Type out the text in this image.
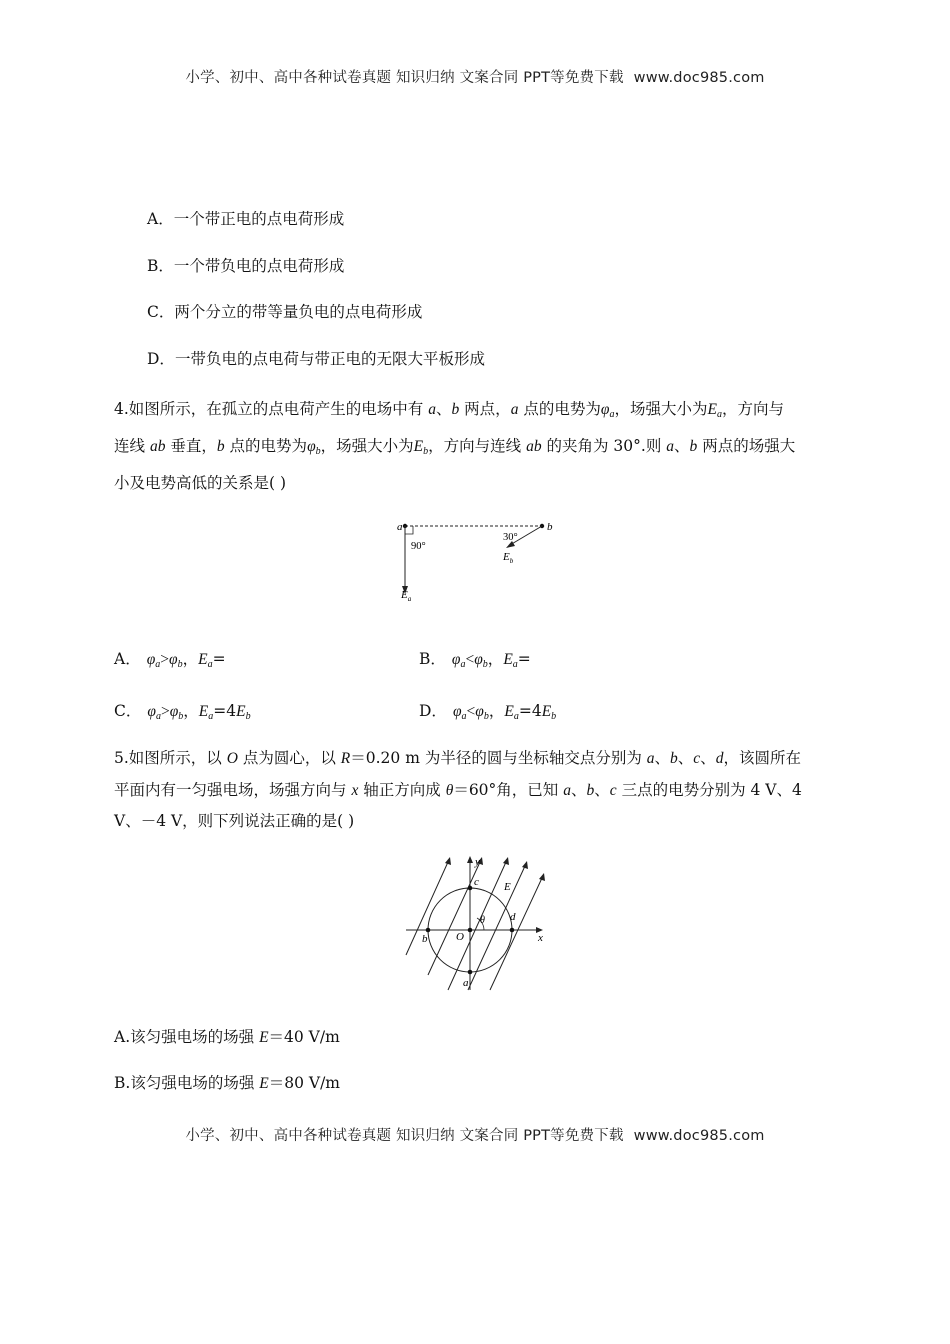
小学、初中、高中各种试卷真题 知识归纳 文案合同 PPT等免费下载 www.doc985.com
A．一个带正电的点电荷形成
B．一个带负电的点电荷形成
C．两个分立的带等量负电的点电荷形成
D．一带负电的点电荷与带正电的无限大平板形成
4.如图所示，在孤立的点电荷产生的电场中有 a、b 两点，a 点的电势为$\varphi_a$，场强大小为$E_a$，方向与
连线 ab 垂直，b 点的电势为$\varphi_b$，场强大小为$E_b$，方向与连线 ab 的夹角为 30°.则 a、b 两点的场强大
小及电势高低的关系是( )
a	b
90°
30°
$E_b$
$E_a$
A． $\varphi_a>\varphi_b$，$E_a=$	B． $\varphi_a<\varphi_b$，$E_a=$
C． $\varphi_a>\varphi_b$，$E_a=4E_b$	D． $\varphi_a<\varphi_b$，$E_a=4E_b$
5.如图所示，以 O 点为圆心，以 R＝0.20 m 为半径的圆与坐标轴交点分别为 a、b、c、d，该圆所在
平面内有一匀强电场，场强方向与 x 轴正方向成 θ＝60°角，已知 a、b、c 三点的电势分别为 4 V、4
V、－4 V，则下列说法正确的是( )
y
x
c E
d
θ
b	O
a
A.该匀强电场的场强 E＝40 V/m
B.该匀强电场的场强 E＝80 V/m
小学、初中、高中各种试卷真题 知识归纳 文案合同 PPT等免费下载 www.doc985.com
